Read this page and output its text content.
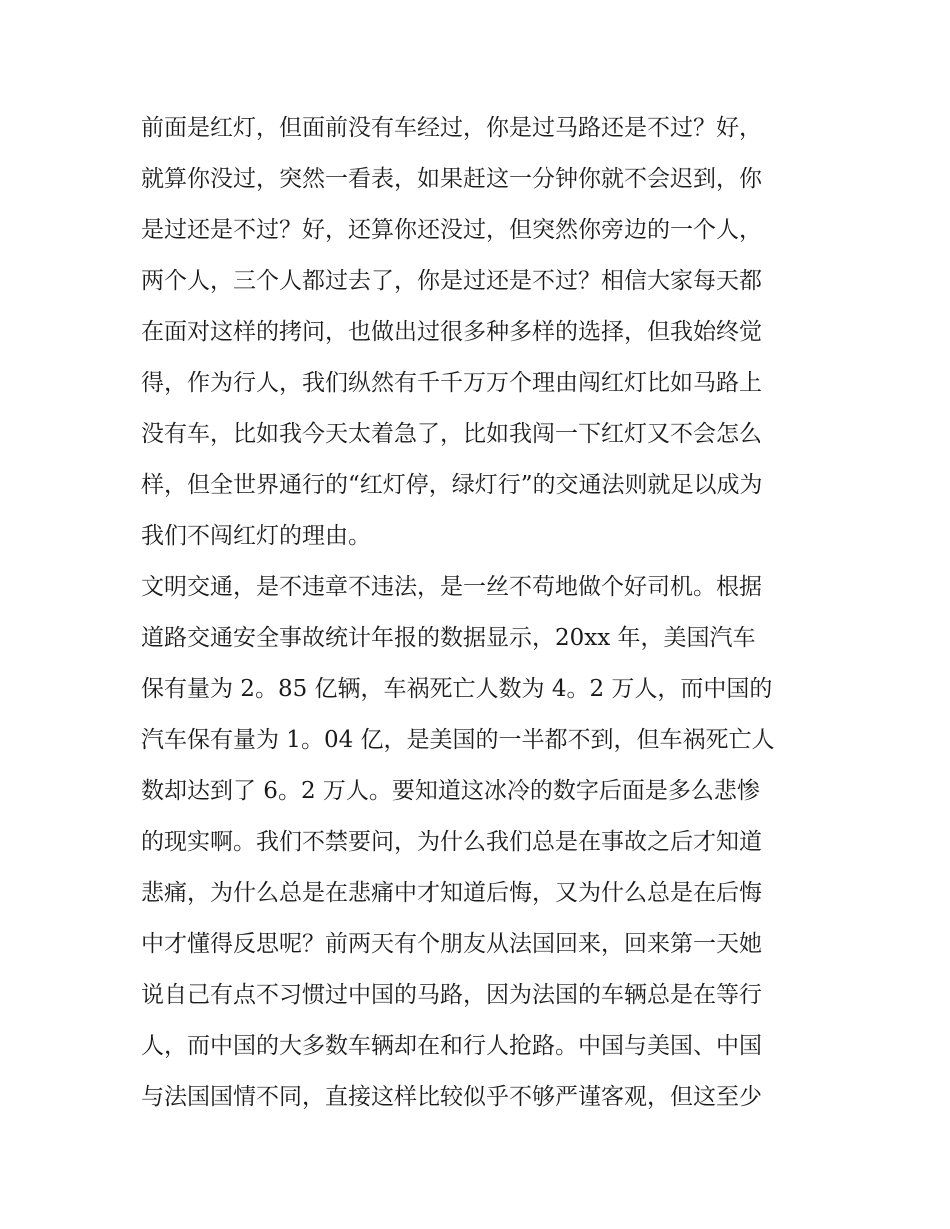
前面是红灯，但面前没有车经过，你是过马路还是不过？好，
就算你没过，突然一看表，如果赶这一分钟你就不会迟到，你
是过还是不过？好，还算你还没过，但突然你旁边的一个人，
两个人，三个人都过去了，你是过还是不过？相信大家每天都
在面对这样的拷问，也做出过很多种多样的选择，但我始终觉
得，作为行人，我们纵然有千千万万个理由闯红灯比如马路上
没有车，比如我今天太着急了，比如我闯一下红灯又不会怎么
样，但全世界通行的“红灯停，绿灯行”的交通法则就足以成为
我们不闯红灯的理由。
文明交通，是不违章不违法，是一丝不苟地做个好司机。根据
道路交通安全事故统计年报的数据显示，20xx 年，美国汽车
保有量为 2。85 亿辆，车祸死亡人数为 4。2 万人，而中国的
汽车保有量为 1。04 亿，是美国的一半都不到，但车祸死亡人
数却达到了 6。2 万人。要知道这冰冷的数字后面是多么悲惨
的现实啊。我们不禁要问，为什么我们总是在事故之后才知道
悲痛，为什么总是在悲痛中才知道后悔，又为什么总是在后悔
中才懂得反思呢？前两天有个朋友从法国回来，回来第一天她
说自己有点不习惯过中国的马路，因为法国的车辆总是在等行
人，而中国的大多数车辆却在和行人抢路。中国与美国、中国
与法国国情不同，直接这样比较似乎不够严谨客观，但这至少
